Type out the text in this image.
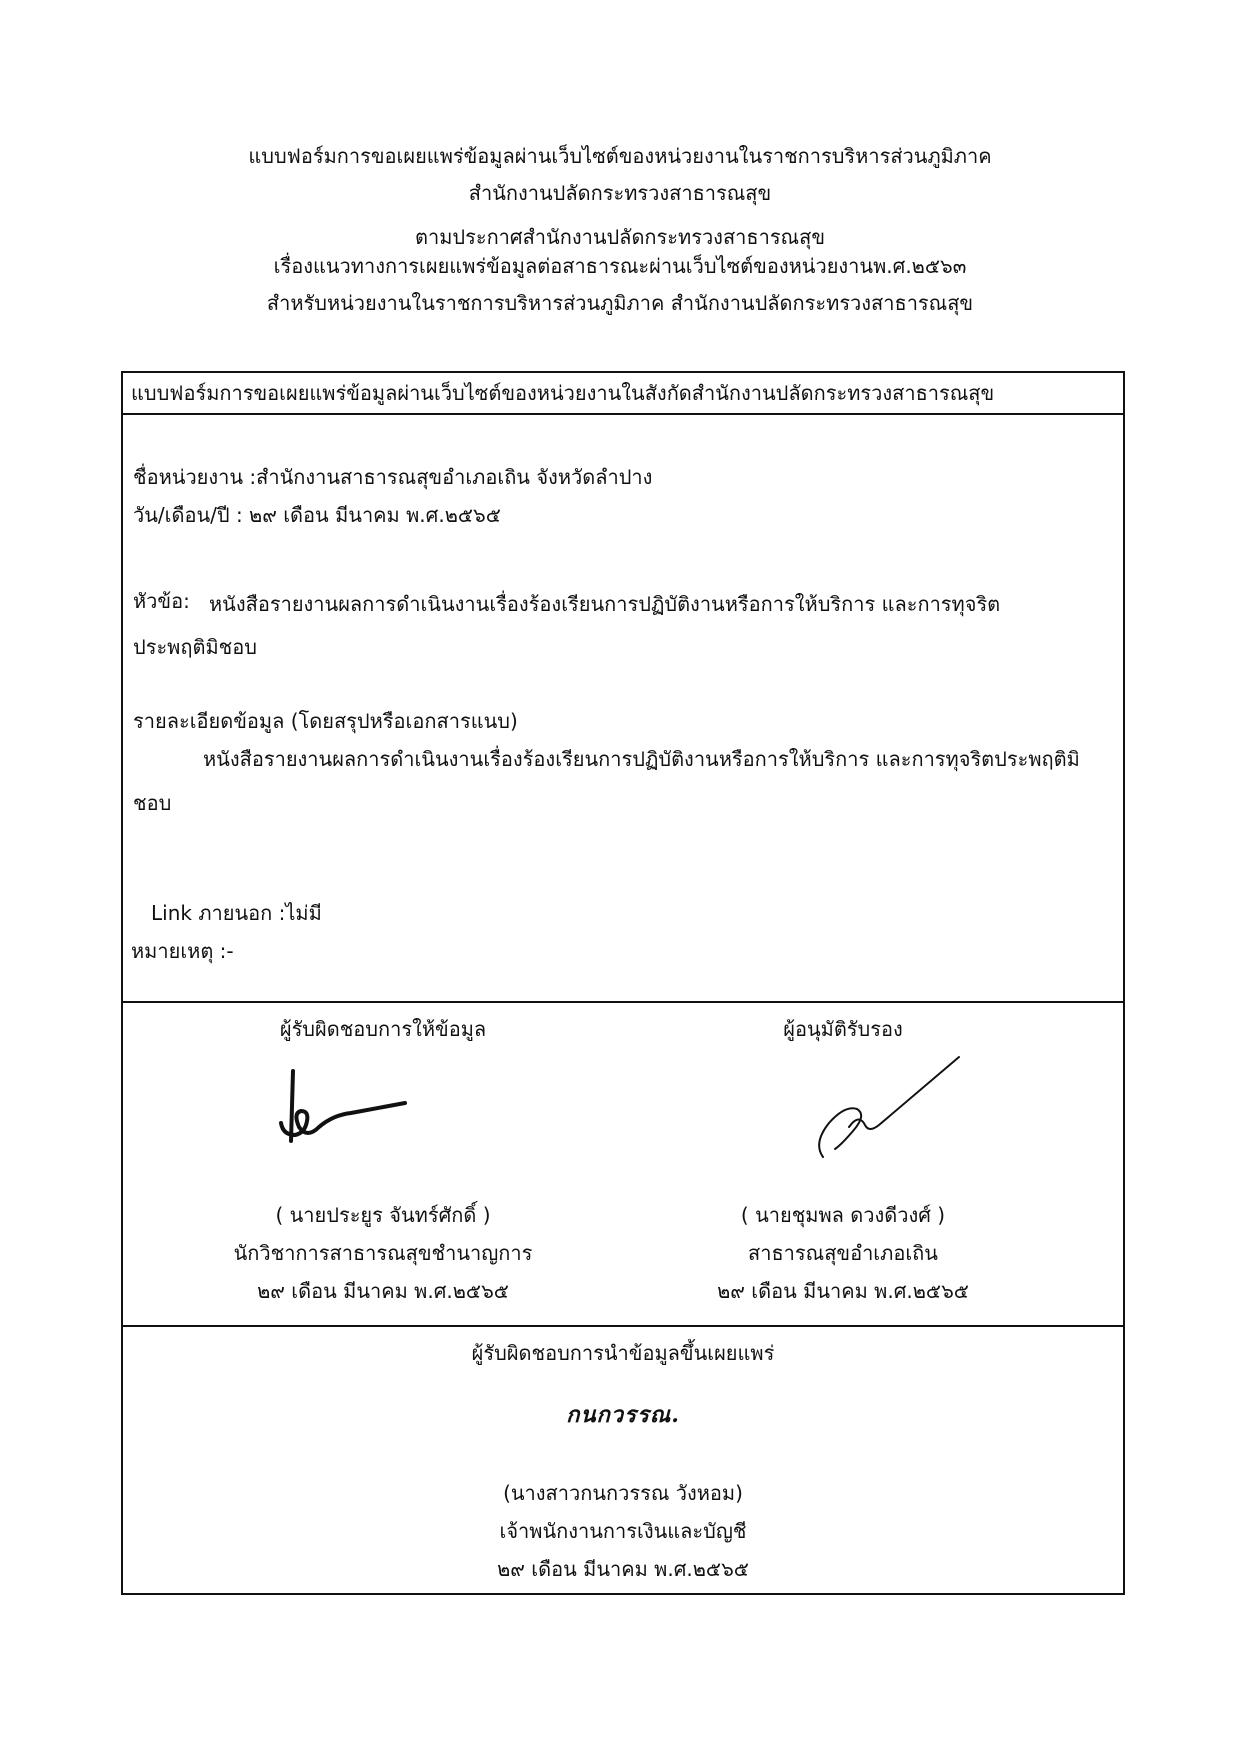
แบบฟอร์มการขอเผยแพร่ข้อมูลผ่านเว็บไซต์ของหน่วยงานในราชการบริหารส่วนภูมิภาค
สำนักงานปลัดกระทรวงสาธารณสุข
ตามประกาศสำนักงานปลัดกระทรวงสาธารณสุข
เรื่องแนวทางการเผยแพร่ข้อมูลต่อสาธารณะผ่านเว็บไซต์ของหน่วยงานพ.ศ.๒๕๖๓
สำหรับหน่วยงานในราชการบริหารส่วนภูมิภาค สำนักงานปลัดกระทรวงสาธารณสุข
แบบฟอร์มการขอเผยแพร่ข้อมูลผ่านเว็บไซต์ของหน่วยงานในสังกัดสำนักงานปลัดกระทรวงสาธารณสุข
ชื่อหน่วยงาน :สำนักงานสาธารณสุขอำเภอเถิน จังหวัดลำปาง
วัน/เดือน/ปี : ๒๙ เดือน มีนาคม พ.ศ.๒๕๖๕
หัวข้อ: หนังสือรายงานผลการดำเนินงานเรื่องร้องเรียนการปฏิบัติงานหรือการให้บริการ และการทุจริต
ประพฤติมิชอบ
รายละเอียดข้อมูล (โดยสรุปหรือเอกสารแนบ)
หนังสือรายงานผลการดำเนินงานเรื่องร้องเรียนการปฏิบัติงานหรือการให้บริการ และการทุจริตประพฤติมิ
ชอบ
Link ภายนอก :ไม่มี
หมายเหตุ :-
ผู้รับผิดชอบการให้ข้อมูล
( นายประยูร จันทร์ศักดิ์ )
นักวิชาการสาธารณสุขชำนาญการ
๒๙ เดือน มีนาคม พ.ศ.๒๕๖๕
ผู้อนุมัติรับรอง
( นายชุมพล ดวงดีวงศ์ )
สาธารณสุขอำเภอเถิน
๒๙ เดือน มีนาคม พ.ศ.๒๕๖๕
ผู้รับผิดชอบการนำข้อมูลขึ้นเผยแพร่
กนกวรรณ.
(นางสาวกนกวรรณ วังหอม)
เจ้าพนักงานการเงินและบัญชี
๒๙ เดือน มีนาคม พ.ศ.๒๕๖๕
